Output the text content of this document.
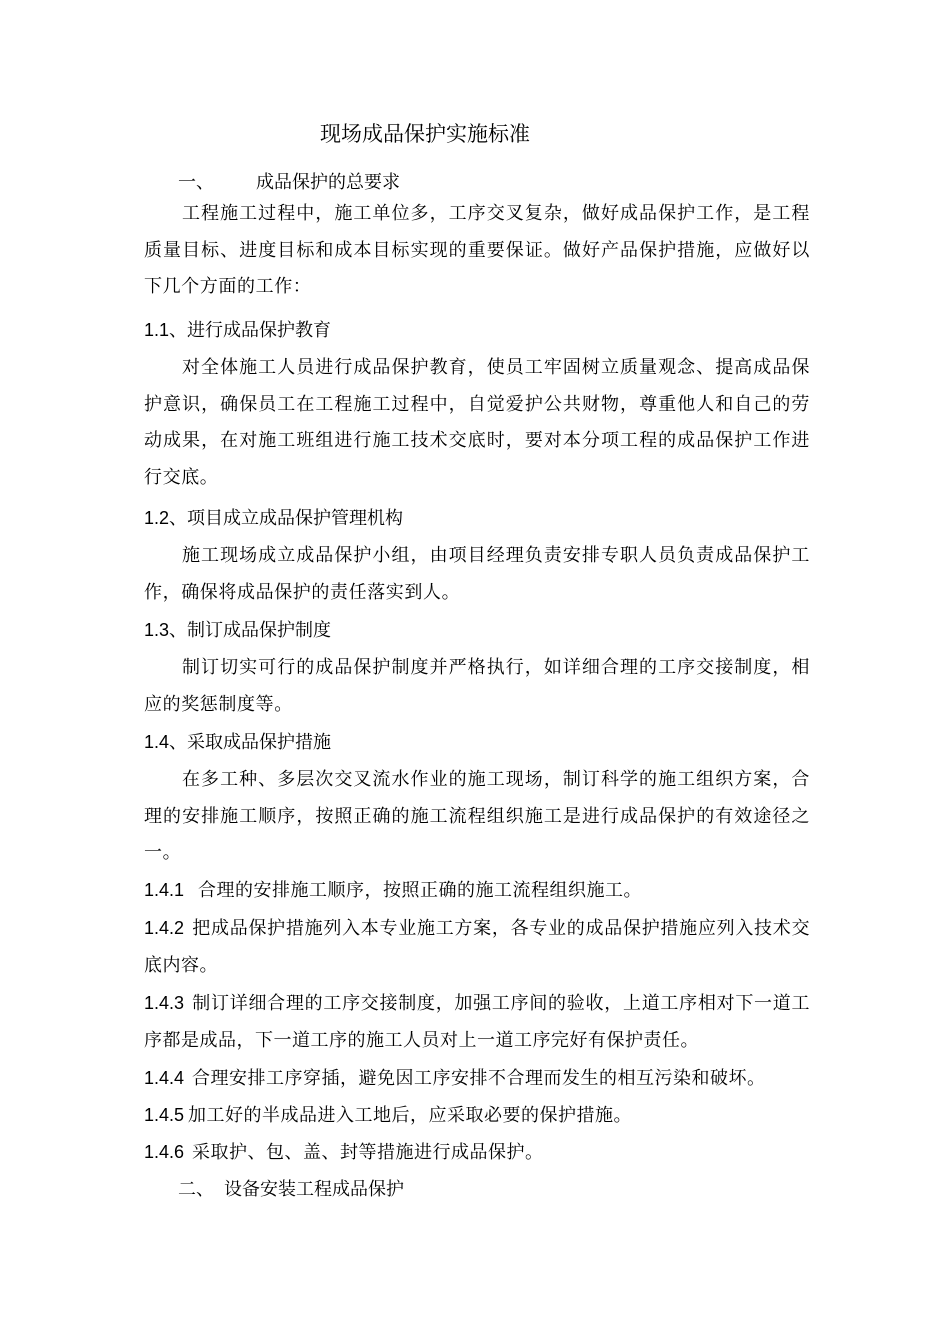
现场成品保护实施标准
一、 成品保护的总要求
工程施工过程中，施工单位多，工序交叉复杂，做好成品保护工作，是工程质量目标、进度目标和成本目标实现的重要保证。做好产品保护措施，应做好以下几个方面的工作：
1.1、进行成品保护教育
对全体施工人员进行成品保护教育，使员工牢固树立质量观念、提高成品保护意识，确保员工在工程施工过程中，自觉爱护公共财物，尊重他人和自己的劳动成果，在对施工班组进行施工技术交底时，要对本分项工程的成品保护工作进行交底。
1.2、项目成立成品保护管理机构
施工现场成立成品保护小组，由项目经理负责安排专职人员负责成品保护工作，确保将成品保护的责任落实到人。
1.3、制订成品保护制度
制订切实可行的成品保护制度并严格执行，如详细合理的工序交接制度，相应的奖惩制度等。
1.4、采取成品保护措施
在多工种、多层次交叉流水作业的施工现场，制订科学的施工组织方案，合理的安排施工顺序，按照正确的施工流程组织施工是进行成品保护的有效途径之一。
1.4.1 合理的安排施工顺序，按照正确的施工流程组织施工。
1.4.2 把成品保护措施列入本专业施工方案，各专业的成品保护措施应列入技术交底内容。
1.4.3 制订详细合理的工序交接制度，加强工序间的验收，上道工序相对下一道工序都是成品，下一道工序的施工人员对上一道工序完好有保护责任。
1.4.4 合理安排工序穿插，避免因工序安排不合理而发生的相互污染和破坏。
1.4.5 加工好的半成品进入工地后，应采取必要的保护措施。
1.4.6 采取护、包、盖、封等措施进行成品保护。
二、 设备安装工程成品保护
